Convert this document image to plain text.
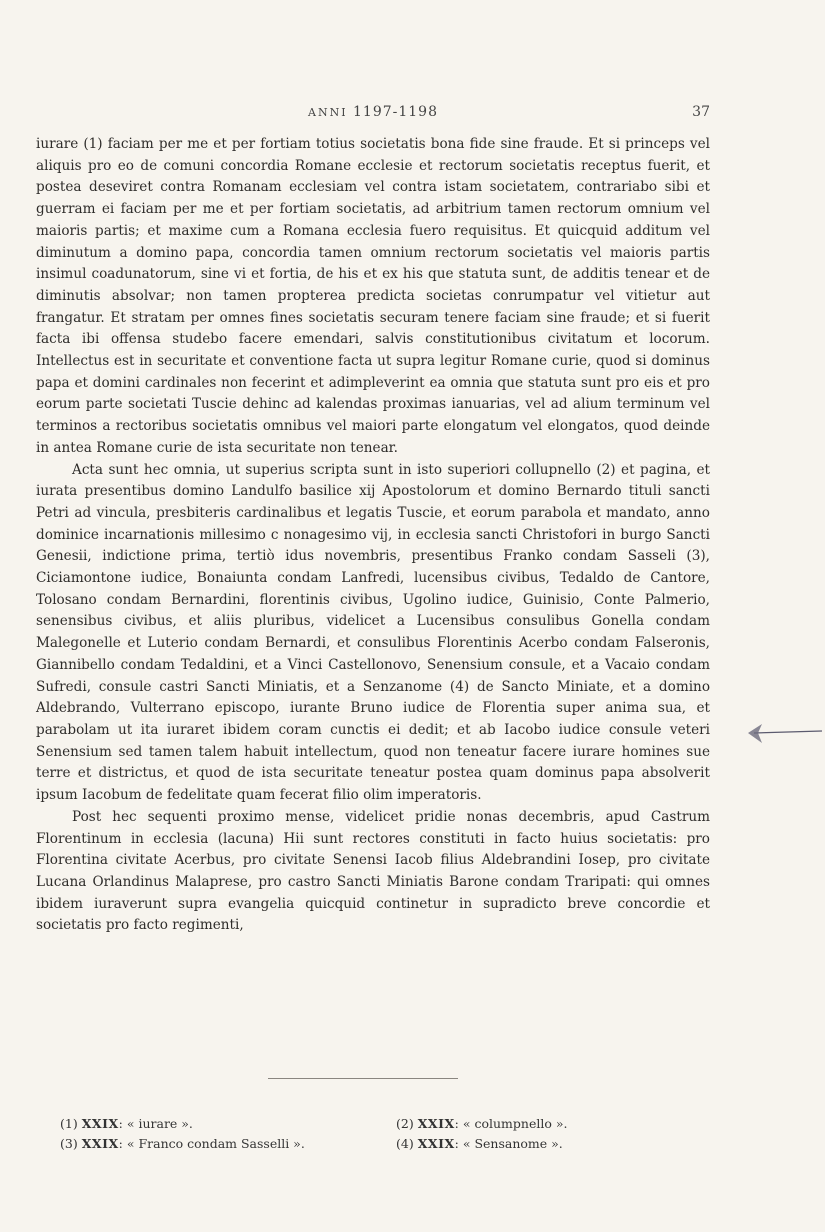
ANNI 1197-1198	37

iurare (1) faciam per me et per fortiam totius societatis bona fide sine fraude. Et si princeps vel aliquis pro eo de comuni concordia Romane ecclesie et rectorum societatis receptus fuerit, et postea deseviret contra Romanam ecclesiam vel contra istam societatem, contrariabo sibi et guerram ei faciam per me et per fortiam societatis, ad arbitrium tamen rectorum omnium vel maioris partis; et maxime cum a Romana ecclesia fuero requisitus. Et quicquid additum vel diminutum a domino papa, concordia tamen omnium rectorum societatis vel maioris partis insimul coadunatorum, sine vi et fortia, de his et ex his que statuta sunt, de additis tenear et de diminutis absolvar; non tamen propterea predicta societas conrumpatur vel vitietur aut frangatur. Et stratam per omnes fines societatis securam tenere faciam sine fraude; et si fuerit facta ibi offensa studebo facere emendari, salvis constitutionibus civitatum et locorum. Intellectus est in securitate et conventione facta ut supra legitur Romane curie, quod si dominus papa et domini cardinales non fecerint et adimpleverint ea omnia que statuta sunt pro eis et pro eorum parte societati Tuscie dehinc ad kalendas proximas ianuarias, vel ad alium terminum vel terminos a rectoribus societatis omnibus vel maiori parte elongatum vel elongatos, quod deinde in antea Romane curie de ista securitate non tenear.

Acta sunt hec omnia, ut superius scripta sunt in isto superiori collupnello (2) et pagina, et iurata presentibus domino Landulfo basilice xij Apostolorum et domino Bernardo tituli sancti Petri ad vincula, presbiteris cardinalibus et legatis Tuscie, et eorum parabola et mandato, anno dominice incarnationis millesimo c nonagesimo vij, in ecclesia sancti Christofori in burgo Sancti Genesii, indictione prima, tertiò idus novembris, presentibus Franko condam Sasseli (3), Ciciamontone iudice, Bonaiunta condam Lanfredi, lucensibus civibus, Tedaldo de Cantore, Tolosano condam Bernardini, florentinis civibus, Ugolino iudice, Guinisio, Conte Palmerio, senensibus civibus, et aliis pluribus, videlicet a Lucensibus consulibus Gonella condam Malegonelle et Luterio condam Bernardi, et consulibus Florentinis Acerbo condam Falseronis, Giannibello condam Tedaldini, et a Vinci Castellonovo, Senensium consule, et a Vacaio condam Sufredi, consule castri Sancti Miniatis, et a Senzanome (4) de Sancto Miniate, et a domino Aldebrando, Vulterrano episcopo, iurante Bruno iudice de Florentia super anima sua, et parabolam ut ita iuraret ibidem coram cunctis ei dedit; et ab Iacobo iudice consule veteri Senensium sed tamen talem habuit intellectum, quod non teneatur facere iurare homines sue terre et districtus, et quod de ista securitate teneatur postea quam dominus papa absolverit ipsum Iacobum de fedelitate quam fecerat filio olim imperatoris.

Post hec sequenti proximo mense, videlicet pridie nonas decembris, apud Castrum Florentinum in ecclesia (lacuna) Hii sunt rectores constituti in facto huius societatis: pro Florentina civitate Acerbus, pro civitate Senensi Iacob filius Aldebrandini Iosep, pro civitate Lucana Orlandinus Malaprese, pro castro Sancti Miniatis Barone condam Traripati: qui omnes ibidem iuraverunt supra evangelia quicquid continetur in supradicto breve concordie et societatis pro facto regimenti,

(1) XXIX: « iurare ».	(2) XXIX: « columpnello ».
(3) XXIX: « Franco condam Sasselli ».	(4) XXIX: « Sensanome ».
